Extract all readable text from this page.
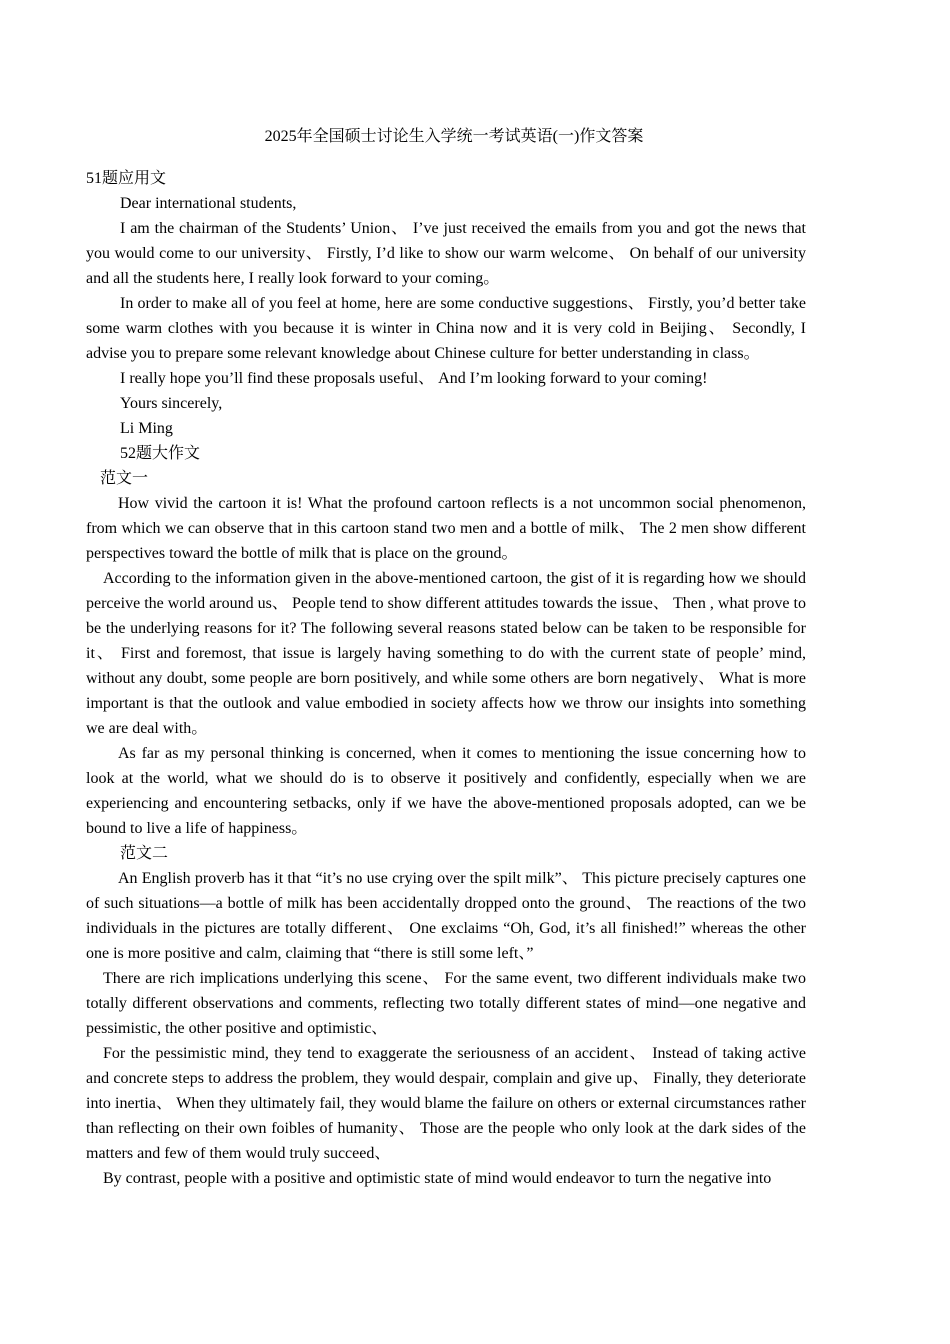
2025年全国硕士讨论生入学统一考试英语(一)作文答案
51题应用文
Dear international students,
I am the chairman of the Students’ Union、 I’ve just received the emails from you and got the news that you would come to our university、 Firstly, I’d like to show our warm welcome、 On behalf of our university and all the students here, I really look forward to your coming。
In order to make all of you feel at home, here are some conductive suggestions、 Firstly, you’d better take some warm clothes with you because it is winter in China now and it is very cold in Beijing、 Secondly, I advise you to prepare some relevant knowledge about Chinese culture for better understanding in class。
I really hope you’ll find these proposals useful、 And I’m looking forward to your coming!
Yours sincerely,
Li Ming
52题大作文
范文一
How vivid the cartoon it is! What the profound cartoon reflects is a not uncommon social phenomenon, from which we can observe that in this cartoon stand two men and a bottle of milk、 The 2 men show different perspectives toward the bottle of milk that is place on the ground。
According to the information given in the above-mentioned cartoon, the gist of it is regarding how we should perceive the world around us、 People tend to show different attitudes towards the issue、 Then , what prove to be the underlying reasons for it? The following several reasons stated below can be taken to be responsible for it、 First and foremost, that issue is largely having something to do with the current state of people’ mind, without any doubt, some people are born positively, and while some others are born negatively、 What is more important is that the outlook and value embodied in society affects how we throw our insights into something we are deal with。
As far as my personal thinking is concerned, when it comes to mentioning the issue concerning how to look at the world, what we should do is to observe it positively and confidently, especially when we are experiencing and encountering setbacks, only if we have the above-mentioned proposals adopted, can we be bound to live a life of happiness。
范文二
An English proverb has it that “it’s no use crying over the spilt milk”、 This picture precisely captures one of such situations—a bottle of milk has been accidentally dropped onto the ground、 The reactions of the two individuals in the pictures are totally different、 One exclaims “Oh, God, it’s all finished!” whereas the other one is more positive and calm, claiming that “there is still some left、”
There are rich implications underlying this scene、 For the same event, two different individuals make two totally different observations and comments, reflecting two totally different states of mind—one negative and pessimistic, the other positive and optimistic、
For the pessimistic mind, they tend to exaggerate the seriousness of an accident、 Instead of taking active and concrete steps to address the problem, they would despair, complain and give up、 Finally, they deteriorate into inertia、 When they ultimately fail, they would blame the failure on others or external circumstances rather than reflecting on their own foibles of humanity、 Those are the people who only look at the dark sides of the matters and few of them would truly succeed、
By contrast, people with a positive and optimistic state of mind would endeavor to turn the negative into
